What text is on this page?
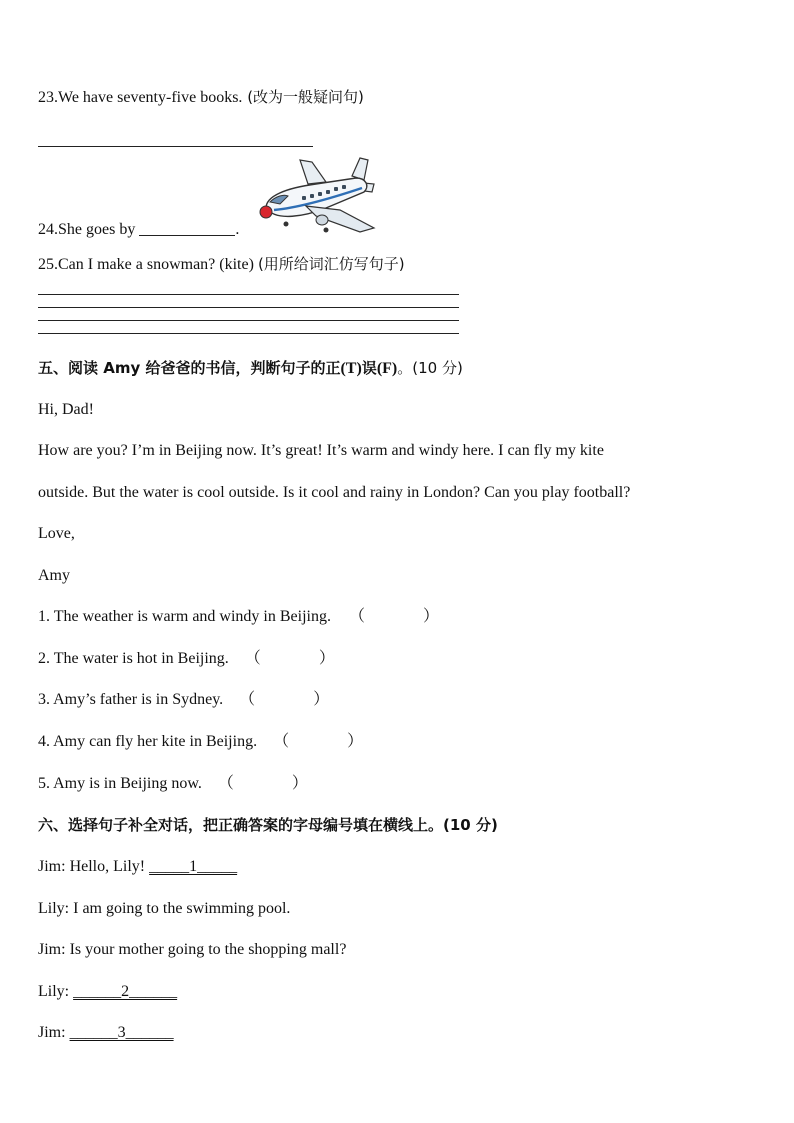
23.We have seventy-five books. (改为一般疑问句)
24.She goes by	.
25.Can I make a snowman? (kite) (用所给词汇仿写句子)
五、阅读 Amy 给爸爸的书信，判断句子的正(T)误(F)。(10 分)
Hi, Dad!
How are you? I’m in Beijing now. It’s great! It’s warm and windy here. I can fly my kite
outside. But the water is cool outside. Is it cool and rainy in London? Can you play football?
Love,
Amy
1. The weather is warm and windy in Beijing. （	）
2. The water is hot in Beijing. （	）
3. Amy’s father is in Sydney. （	）
4. Amy can fly her kite in Beijing. （	）
5. Amy is in Beijing now. （	）
六、选择句子补全对话，把正确答案的字母编号填在横线上。(10 分)
Jim: Hello, Lily! _____1_____
Lily: I am going to the swimming pool.
Jim: Is your mother going to the shopping mall?
Lily: ______2______
Jim: ______3______
